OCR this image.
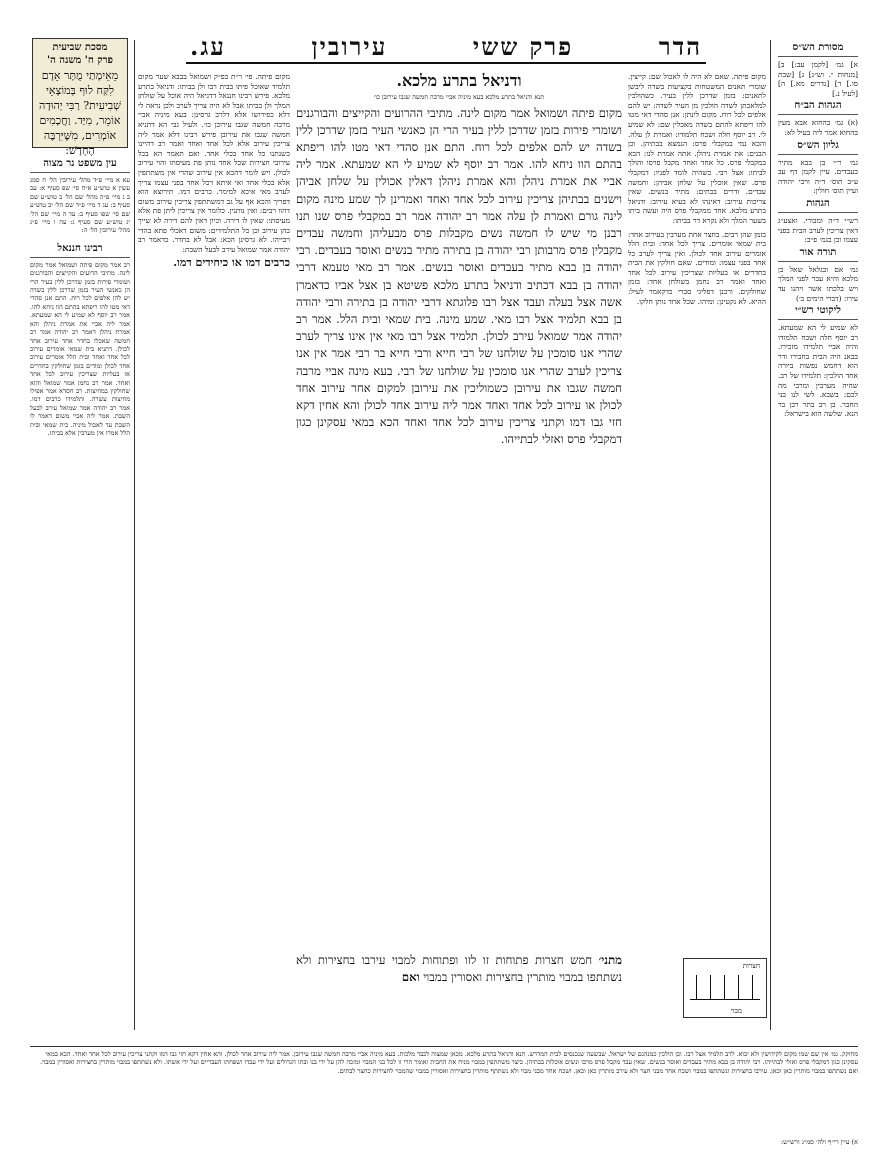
הדר
פרק ששי
עירובין
עג.	מסורת הש״ס
א] גמ׳ [לקמן עב:] ב] [מנחות י. וש״נ] ג] [שבת סו.] ד] [נדרים מא.] ה] [לעיל נ.]
הגהות הב״ח
(א) גמ׳ בהחוא אבא מעין בהחוא אמר ליה בעיל לא:
גליון הש״ס
גמ׳ ר״י בן בבא מתיר בעבדים. עיין לקמן דף עב ע״ב תוס׳ ד״ה ורבי יהודה ועיין תוס׳ חולין:
הגהות
רש״י ד״ה ומבורי. ואצע״ג דאין צריכין לערב הבית בפני עצמו וכן בגמ׳ פ״ב:
תורה אור
גמ׳ אם ובגלאל שאל בן מלכא והיא עבר לפני המלך ויש בלכתו אשר ויהנו עד עירו: (דברי הימים ב׳)
ליקוטי רש״י
לא שמיע לי הא שמעתא. רב יוסף חלה ושכח תלמודו והיה אביי תלמידו מזכירו. בבאנ היה הבית בחבירו ודר הוא דחמש נפשות ביורה אחד הולכין: תלמידו של רב. שהיה מערבין ומרבי מה לכם: בשבא. לשי לנו בני החבר. בן רב בתר רבן בר הנא. שלשה הוא בישראל:
מקום פיתה. שאם לא היה לו לאכול שם: קייצין. שומרי תאנים המשטחות בקציעות בשדה ליבשן לתאנים: בזמן שדרכן ללין בעיר. כשהולכין למלאכתן לשדה הולכין מן העיר לשדה: יש להם אלפים לכל רוח. מקום לינתן: אנן סהדי דאי מטו להו ריפתא להתם בשדה מאכלין שם: לא שמיע לי. רב יוסף חלה ושכח תלמודו: ואמרת לן עלה. והכא נמי במקבלי פרס: הנמצא בבתיהן. וכן הבנים: את אמרת ניהלן. אתה אמרת לנו: הכא במקבלי פרס. כל אחד ואחד מקבל פרסו והולך לביתו: אצל רבי. כשהיה לומד לפניו: דמקבלי פרס. שאין אוכלין על שלחן אביהן: וחמשה עבדים. ודרים בבתים: מתיר בנשים. שאין צריכות עירוב: דאינהו לא בעיא עירוב: ודניאל בתרע מלכא. אחד ממקבלי פרס היה ועשה ביתו בשער המלך ולא נקרא דר בביתו:
בזמן שהן רבים. בחצר אחת מערבין בעירוב אחד: בית שמאי אומרים. צריך לכל אחד: ובית הלל אומרים עירוב אחד לכולן. ואין צריך לערב כל אחד בפני עצמו: ומודים. שאם חולקין את הבית בחדרים או בעליות שצריכין עירוב לכל אחד ואחד ואמר רב נחמן בשולחן אחד: בזמן שחולקים. ורבנן דפליגי סברי כדקאמר לעיל: ההיא. לא נקטינן: ומיהו. שכל אחד נותן חלקו.
ודניאל בתרע מלכא.
תנא ודניאל בתרע מלכא בעא מיניה אביי מרבה חמשה שגבו עירובן כו׳
מקום פיתה ושמואל אמר מקום לינה. מתיבי ההרועים והקייצים והבורגנים ושומרי פירות בזמן שדרכן ללין בעיר הרי הן כאנשי העיר בזמן שדרכן ללין בשדה יש להם אלפים לכל רוח. התם אנן סהדי דאי מטו להו ריפתא בהתם הוו ניחא להו. אמר רב יוסף לא שמיע לי הא שמעתא. אמר ליה אביי את אמרת ניהלן והא אמרת ניהלן דאלין אכולין על שלחן אביהן וישנים בבתיהן צריכין עירוב לכל אחד ואחד ואמרינן לך שמע מינה מקום לינה גורם ואמרת לן עלה אמר רב יהודה אמר רב במקבלי פרס שנו תנו רבנן מי שיש לו חמשה נשים מקבלות פרס מבעליהן וחמשה עבדים מקבלין פרס מרבותן רבי יהודה בן בתירה מתיר בנשים ואוסר בעבדים. רבי יהודה בן בבא מתיר בעבדים ואוסר בנשים. אמר רב מאי טעמא דרבי יהודה בן בבא דכתיב ודניאל בתרע מלכא פשיטא בן אצל אביו כדאמרן אשה אצל בעלה ועבד אצל רבו פלוגתא דרבי יהודה בן בתירה ורבי יהודה בן בבא תלמיד אצל רבו מאי. שמע מינה. בית שמאי ובית הלל. אמר רב יהודה אמר שמואל עירב לכולן. תלמיד אצל רבו מאי אין אינו צריך לערב שהרי אנו סומכין על שולחנו של רבי חייא ורבי חייא בר רבי אמר אין אנו צריכין לערב שהרי אנו סומכין על שולחנו של רבי. בעא מינה אביי מרבה חמשה שגבו את עירובן כשמוליכין את עירובן למקום אחר עירוב אחד לכולן או עירוב לכל אחד ואחד אמר ליה עירוב אחד לכולן והא אחין דקא חזי גבו דמו וקתני צריכין עירוב לכל אחד ואחד הכא במאי עסקינן כגון דמקבלי פרס ואזלי לבתייהו.
מתני׳ חמש חצרות פתוחות זו לזו ופתוחות למבוי עירבו בחצירות ולא נשתתפו במבוי מותרין בחצירות ואסורין במבוי ואם
מקום פיתה. פי׳ ר״ת בפ״ק ושמואל בבבא שער מקום תלמיד שאוכל פיתו בבית רבו ולן בביתו: ודניאל בתרע מלכא. פירש רבינו חננאל דדניאל היה אוכל על שולחן המלך ולן בביתו אבל לא היה צריך לערב ולכן נראה לי דלא כפירושו אלא דלרב גרסינן: בעא מיניה אביי מרבה חמשה שגבו עירובן כו׳. ולעיל גבי הא דתניא חמשה שגבו את עירובן פירש רבינו דלא אמר ליה צריכין עירוב אלא לכל אחד ואחד ואמר רב דהיינו כשנתנו כל אחד בכלי אחד. ואם תאמר הא בכל עירובי חצירות שכל אחד נותן פת מעיסתו והוי עירוב לכולן. ויש לומר דהכא אין עירוב שהרי אין משתתפין אלא בכלי אחד ואי איתא דכל אחד בפני עצמו צריך לערב מאי איכא למימר. כרבים דמו. תירוצא הוא דפריך והכא אף על גב דמשתתפין צריכין עירוב משום דהוו רבים: ואין נותנין. כלומר אין צריכין ליתן פת אלא מעיסתו: שאין לו דירה. וכיון דאין להם דירה לא שייך בהן עירוב וכן כל התלמידים: משום דאכלי פתא בהדי רבייהו. לא גרסינן הכא: אבל לא בחדר. כדאמר רב יהודה אמר שמואל עירב לבעל השבת:
כרבים דמו או כיחידים דמו.
מסכת שביעית
פרק ח' משנה ה'
מֵאֵימָתַי מֻתָּר אָדָם לִקַּח לוּף בְּמוֹצָאֵי שְׁבִיעִית? רַבִּי יְהוּדָה אוֹמֵר, מִיַּד. וַחֲכָמִים אוֹמְרִים, מִשֶּׁיִּרְבֶּה הֶחָדָשׁ:
עין משפט נר מצוה
עא א מיי׳ פ״ד מהל׳ עירובין הל׳ ח סמג עשין א טוש״ע א״ח סי׳ שפ סעיף א: עב ב ג מיי׳ פ״ה מהל׳ שם הל׳ ב טוש״ע שם סעיף ב: עג ד מיי׳ פ״ד שם הל׳ יב טוש״ע שם סי׳ שפו סעיף ב: עד ה מיי׳ שם הל׳ יג טוש״ע שם סעיף ג: עה ו מיי׳ פ״ג מהל׳ עירובין הל׳ ה:
רבינו חננאל
רב אמר מקום פיתה ושמואל אמר מקום לינה. מתיבי הרועים והקייצים והבורגנים ושומרי פירות בזמן שדרכן ללין בעיר הרי הן כאנשי העיר בזמן שדרכן ללין בשדה יש להן אלפים לכל רוח. התם אנן סהדי דאי מטו להו ריפתא בהתם הוו ניחא להו. אמר רב יוסף לא שמיע לי הא שמעתא. אמר ליה אביי את אמרת ניהלן והא אמרת ניהלן דאמר רב יהודה אמר רב חמשה שאכלו בחדר אחד עירוב אחד לכולן. דתניא בית שמאי אומרים עירוב לכל אחד ואחד ובית הלל אומרים עירוב אחד לכולן ומודים בזמן שחולקין בחדרים או בעליות שצריכין עירוב לכל אחד ואחד. אמר רב נחמן אמר שמואל והוא שחולקין במחיצות. רב חסדא אמר אפילו מחיצות עשרה. ותלמידו כרבים דמו. אמר רב יהודה אמר שמואל עירב לבעל השבת. אמר ליה אביי משום דאמר לו השבת עד לאכול מיניה. בית שמאי ובית הלל אמרו אין מערבין אלא בביתו.
חצרות
מבוי
מחוקק. גמ׳ אין שם שמו מקום לקידושין ולא יבוא. לרב תלמיד אצל רבו. וכן הולכין כמנהגם של ישראל. שבשעה שנכנסים לבית המדרש. תנא ודניאל בתרע מלכא. מכאן שמצוה לכבד מלכות. בעא מיניה אביי מרבה חמשה שגבו עירובן. אמר ליה עירוב אחד לכולן. והא אחין דקא חזי גבו דמו וקתני צריכין עירוב לכל אחד ואחד. הכא במאי עסקינן כגון דמקבלי פרס ואזלי לבתייהו. רבי יהודה בן בבא מתיר בעבדים ואוסר בנשים. שאין עבד מקבל פרס מרבו ונשים אוכלות בבתיהן. כיצד משתתפין במבוי מניח את החבית ואומר הרי זו לכל בני המבוי ומזכה להן על ידי בנו ובתו הגדולים ועל ידי עבדו ושפחתו העבריים ועל ידי אשתו. ולא נשתתפו במבוי מותרין בחצירות ואסורין במבוי. ואם נשתתפו במבוי מותרין כאן וכאן. עירבו בחצירות ונשתתפו במבוי ושכח אחד מבני חצר ולא עירב מותרין כאן וכאן. ושכח אחד מבני מבוי ולא נשתתף מותרין בחצירות ואסורין במבוי שהמבוי לחצירות כחצר לבתים.
א) עיין רי״ף ולה׳ סמ״ג ורש״ש:
